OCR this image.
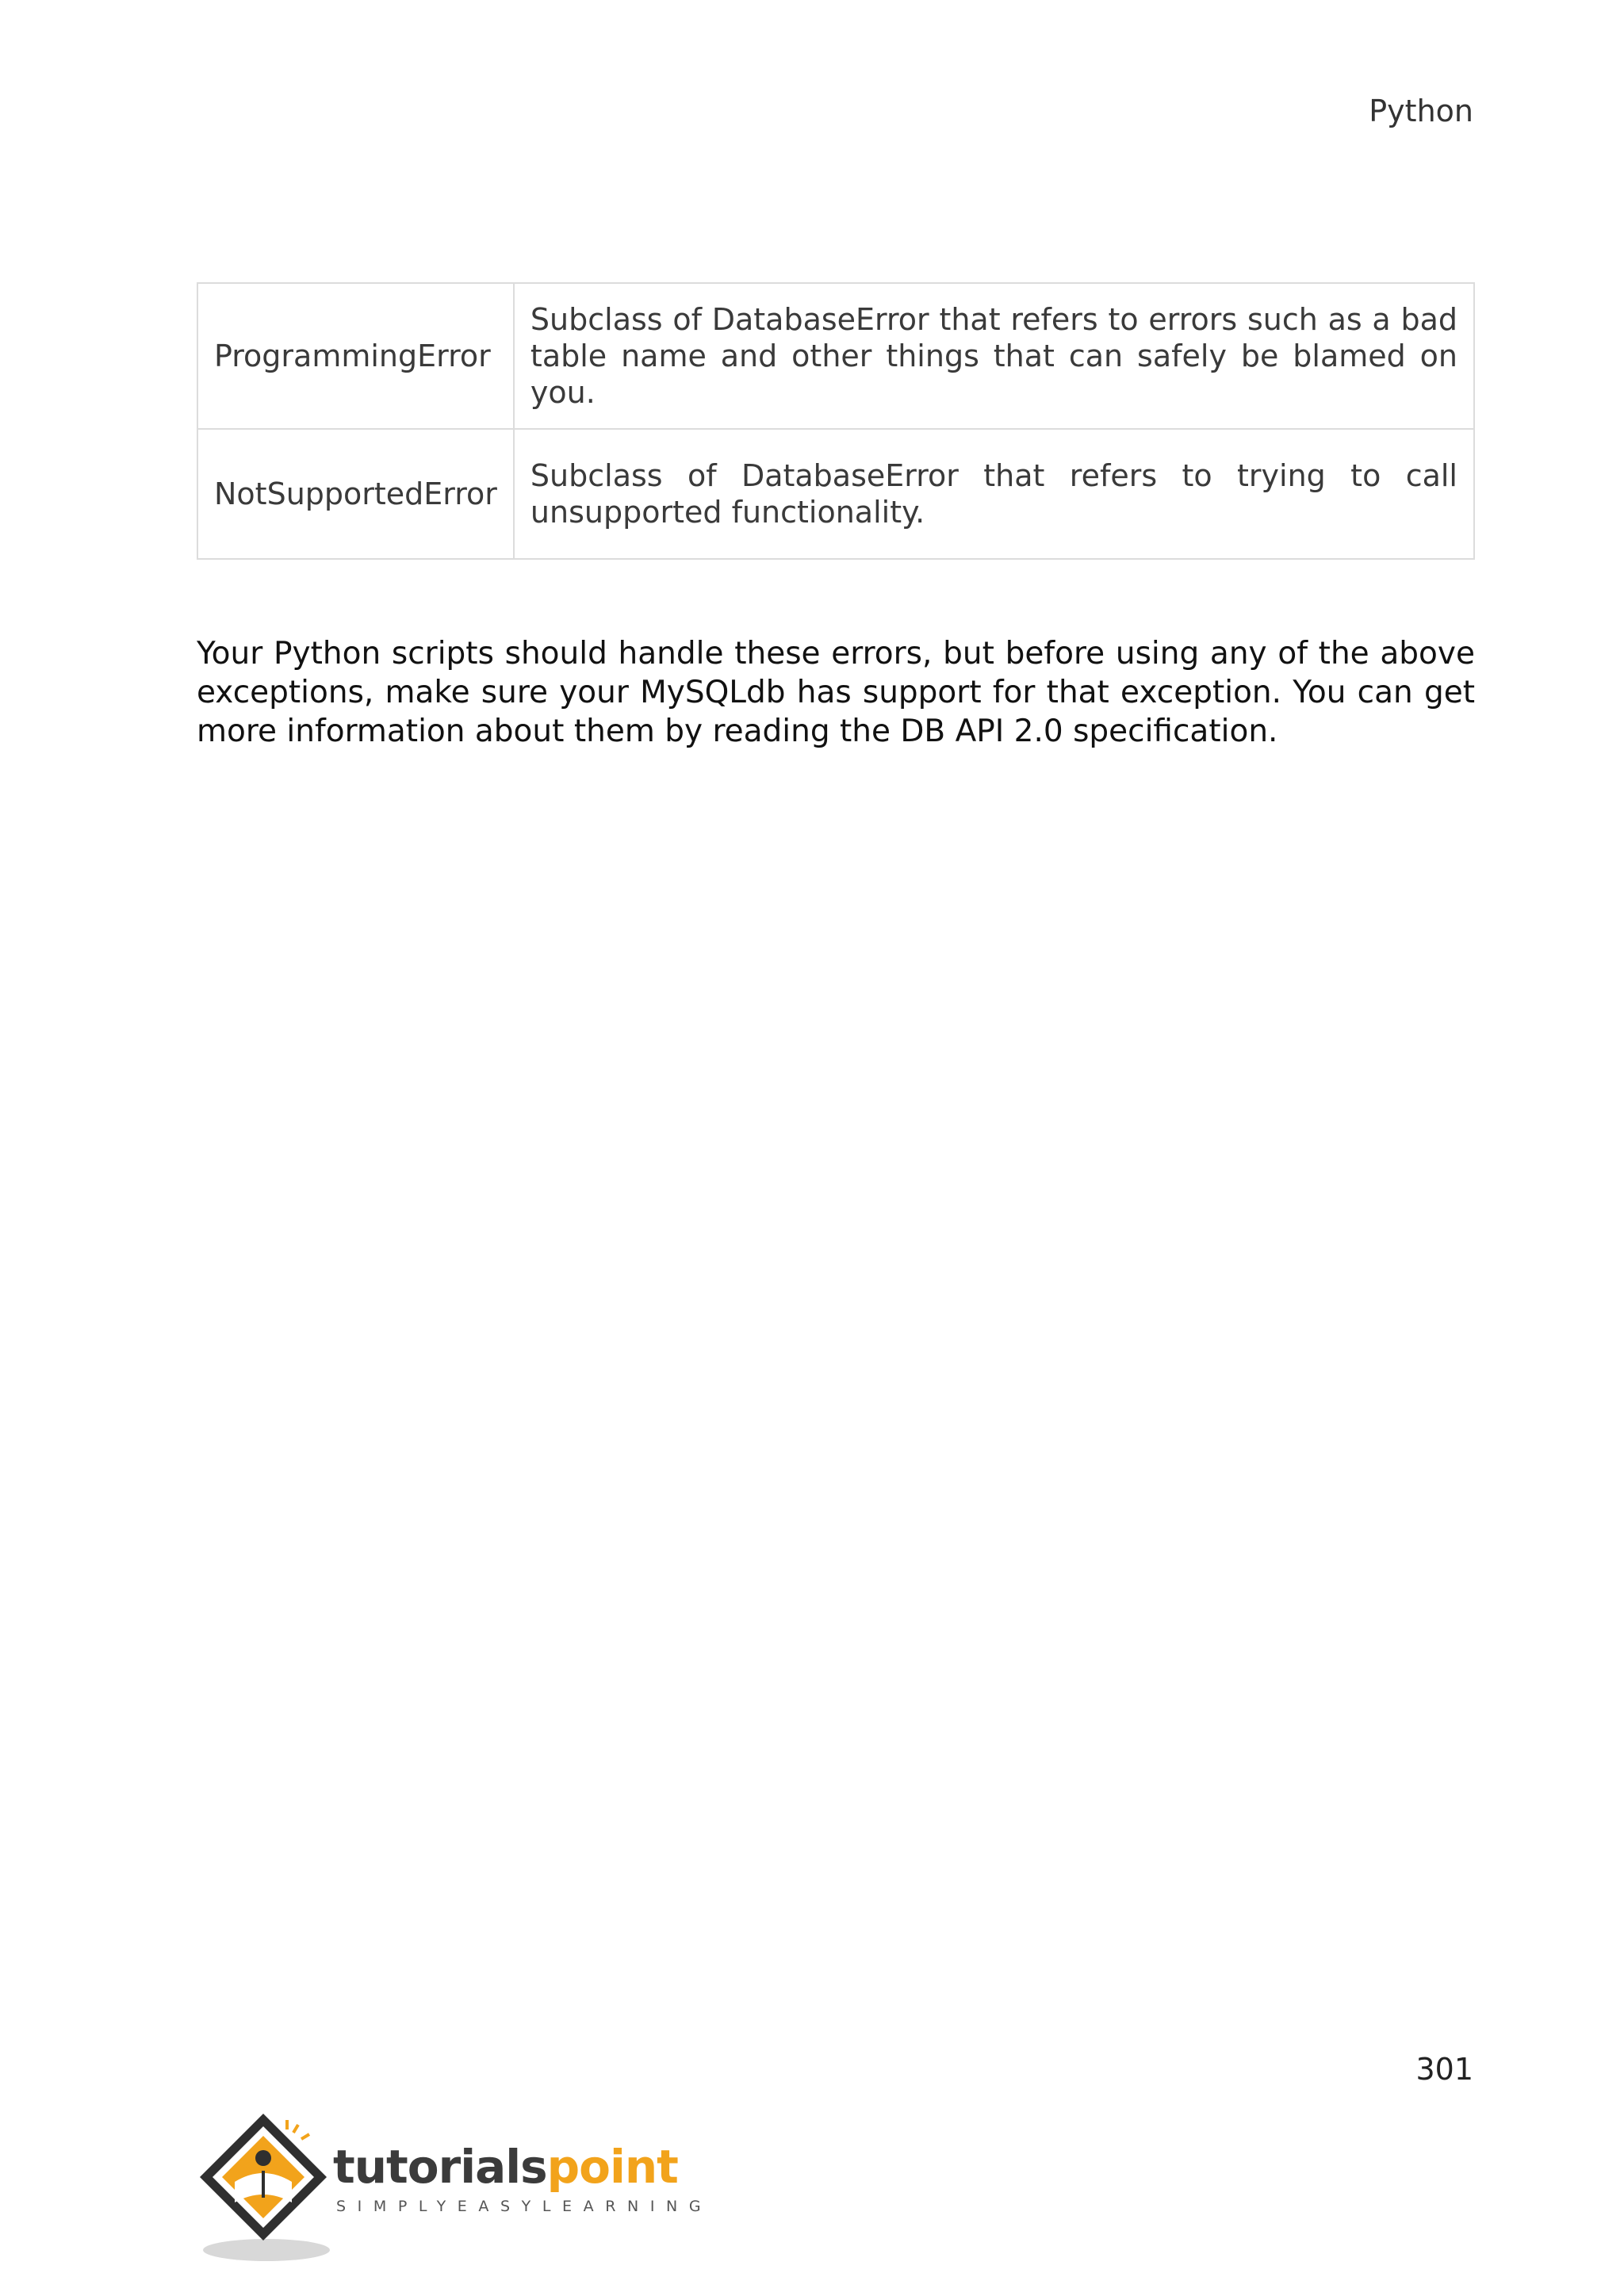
Python
ProgrammingError	Subclass of DatabaseError that refers to errors such as a bad table name and other things that can safely be blamed on you.
NotSupportedError	Subclass of DatabaseError that refers to trying to call unsupported functionality.

Your Python scripts should handle these errors, but before using any of the above exceptions, make sure your MySQLdb has support for that exception. You can get more information about them by reading the DB API 2.0 specification.

301
tutorialspoint
SIMPLYEASYLEARNING
